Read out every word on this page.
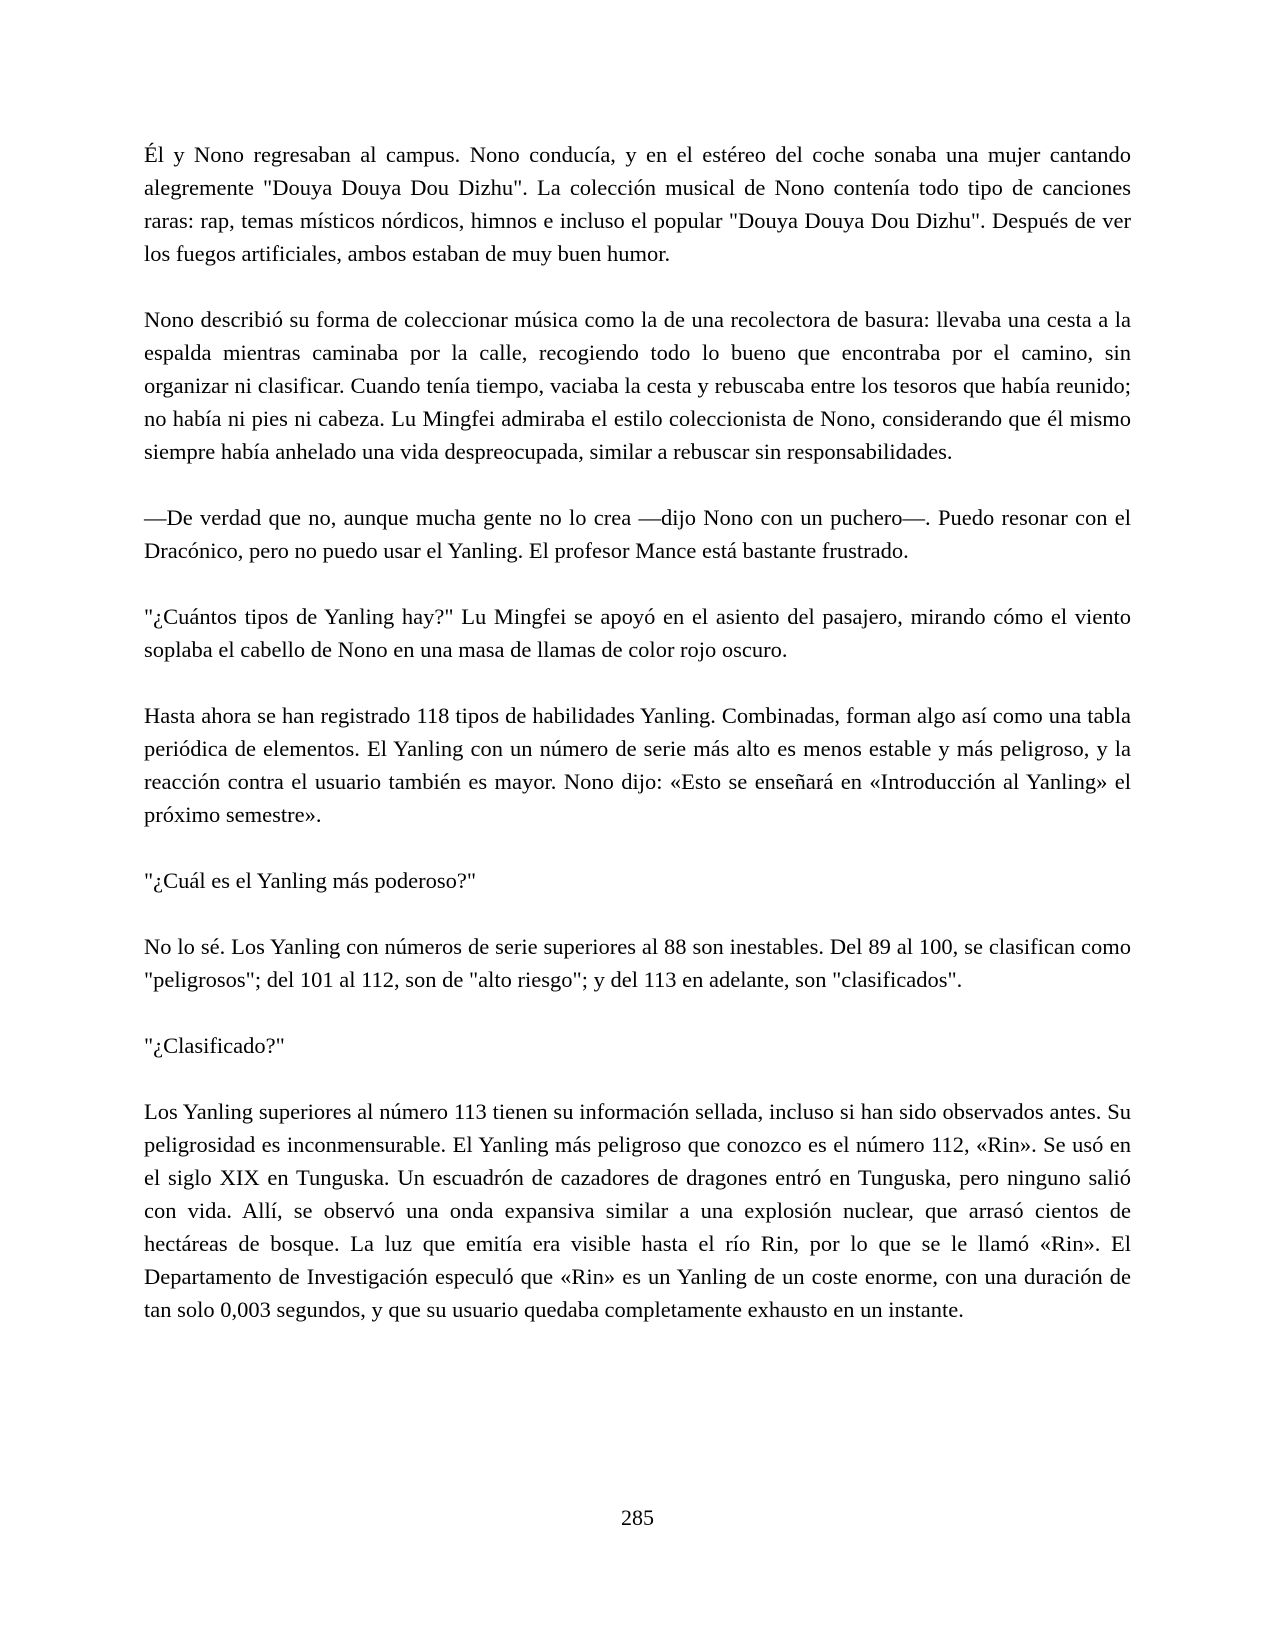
Él y Nono regresaban al campus. Nono conducía, y en el estéreo del coche sonaba una mujer cantando alegremente "Douya Douya Dou Dizhu". La colección musical de Nono contenía todo tipo de canciones raras: rap, temas místicos nórdicos, himnos e incluso el popular "Douya Douya Dou Dizhu". Después de ver los fuegos artificiales, ambos estaban de muy buen humor.

Nono describió su forma de coleccionar música como la de una recolectora de basura: llevaba una cesta a la espalda mientras caminaba por la calle, recogiendo todo lo bueno que encontraba por el camino, sin organizar ni clasificar. Cuando tenía tiempo, vaciaba la cesta y rebuscaba entre los tesoros que había reunido; no había ni pies ni cabeza. Lu Mingfei admiraba el estilo coleccionista de Nono, considerando que él mismo siempre había anhelado una vida despreocupada, similar a rebuscar sin responsabilidades.

—De verdad que no, aunque mucha gente no lo crea —dijo Nono con un puchero—. Puedo resonar con el Dracónico, pero no puedo usar el Yanling. El profesor Mance está bastante frustrado.

"¿Cuántos tipos de Yanling hay?" Lu Mingfei se apoyó en el asiento del pasajero, mirando cómo el viento soplaba el cabello de Nono en una masa de llamas de color rojo oscuro.

Hasta ahora se han registrado 118 tipos de habilidades Yanling. Combinadas, forman algo así como una tabla periódica de elementos. El Yanling con un número de serie más alto es menos estable y más peligroso, y la reacción contra el usuario también es mayor. Nono dijo: «Esto se enseñará en «Introducción al Yanling» el próximo semestre».

"¿Cuál es el Yanling más poderoso?"

No lo sé. Los Yanling con números de serie superiores al 88 son inestables. Del 89 al 100, se clasifican como "peligrosos"; del 101 al 112, son de "alto riesgo"; y del 113 en adelante, son "clasificados".

"¿Clasificado?"

Los Yanling superiores al número 113 tienen su información sellada, incluso si han sido observados antes. Su peligrosidad es inconmensurable. El Yanling más peligroso que conozco es el número 112, «Rin». Se usó en el siglo XIX en Tunguska. Un escuadrón de cazadores de dragones entró en Tunguska, pero ninguno salió con vida. Allí, se observó una onda expansiva similar a una explosión nuclear, que arrasó cientos de hectáreas de bosque. La luz que emitía era visible hasta el río Rin, por lo que se le llamó «Rin». El Departamento de Investigación especuló que «Rin» es un Yanling de un coste enorme, con una duración de tan solo 0,003 segundos, y que su usuario quedaba completamente exhausto en un instante.

285
